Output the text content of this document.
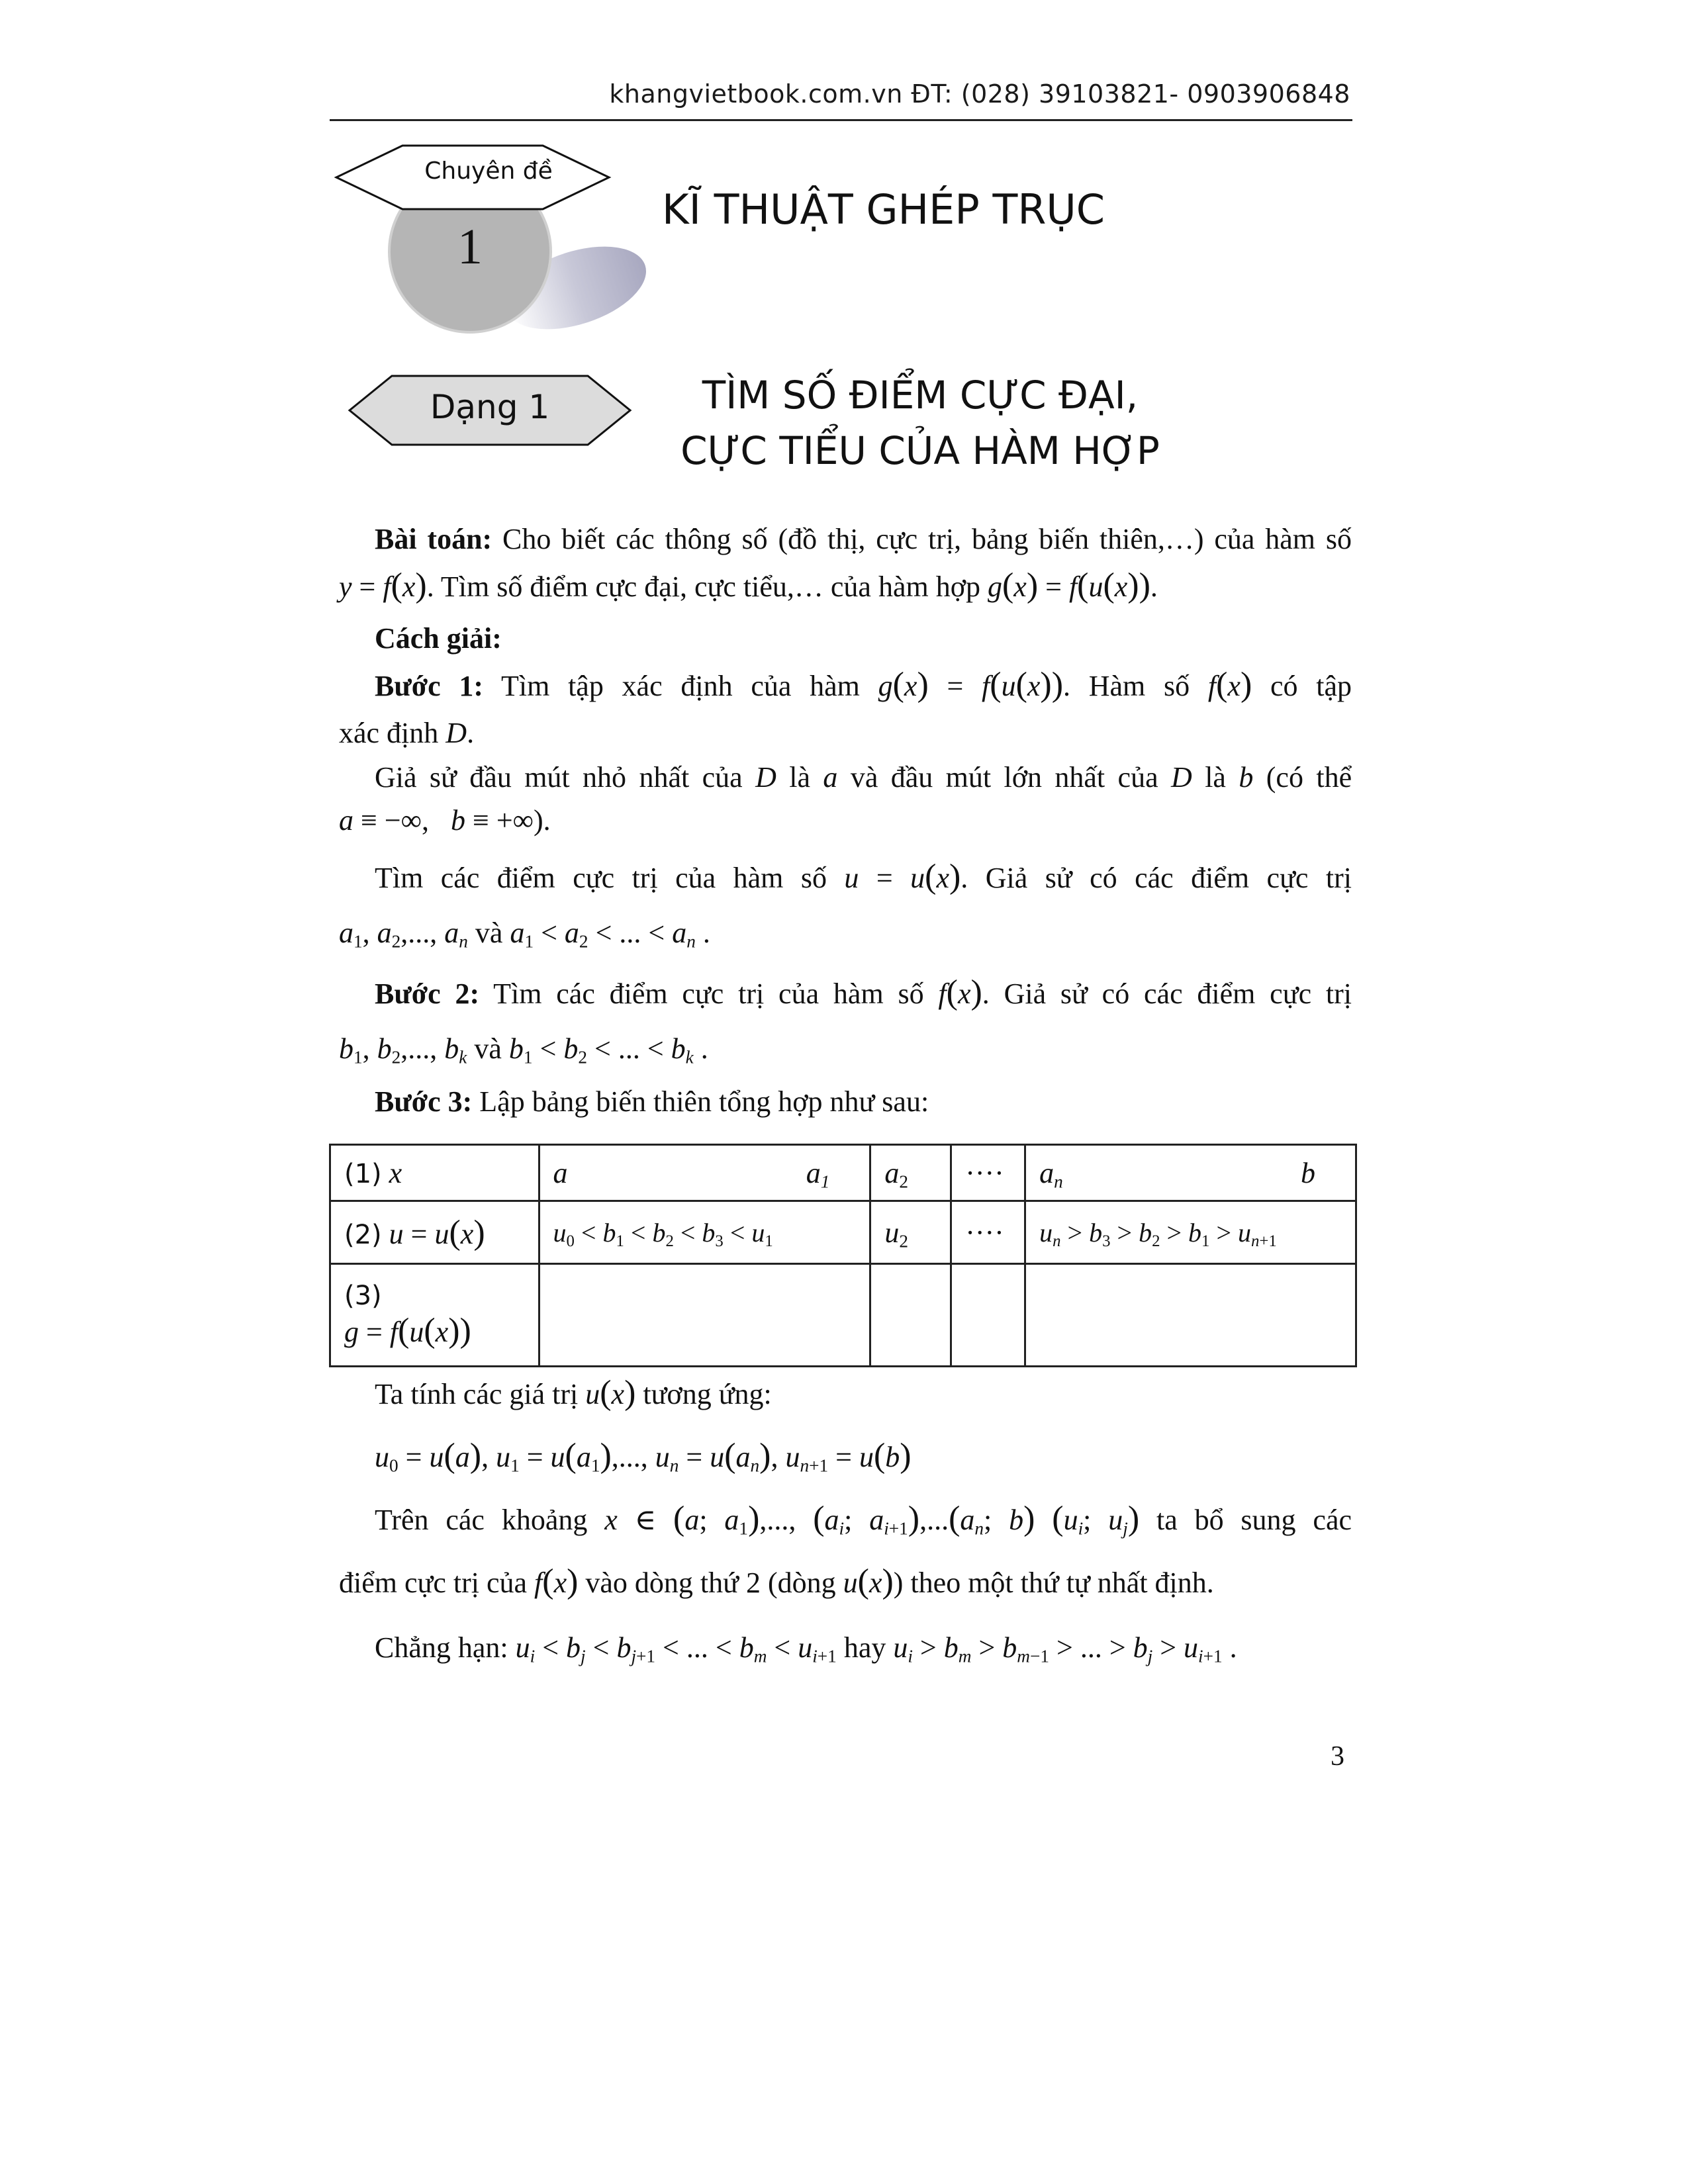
khangvietbook.com.vn ĐT: (028) 39103821- 0903906848
Chuyên đề
1
KĨ THUẬT GHÉP TRỤC
Dạng 1	TÌM SỐ ĐIỂM CỰC ĐẠI,
CỰC TIỂU CỦA HÀM HỢP
Bài toán: Cho biết các thông số (đồ thị, cực trị, bảng biến thiên,…) của hàm số
y = f(x). Tìm số điểm cực đại, cực tiểu,… của hàm hợp g(x) = f(u(x)).
Cách giải:
Bước 1: Tìm tập xác định của hàm g(x) = f(u(x)). Hàm số f(x) có tập
xác định D.
Giả sử đầu mút nhỏ nhất của D là a và đầu mút lớn nhất của D là b (có thể
a ≡ −∞,   b ≡ +∞).
Tìm các điểm cực trị của hàm số u = u(x). Giả sử có các điểm cực trị
$a_1$, $a_2$,..., $a_n$ và $a_1 < a_2$ < ... < $a_n$ .
Bước 2: Tìm các điểm cực trị của hàm số f(x). Giả sử có các điểm cực trị
$b_1$, $b_2$,..., $b_k$ và $b_1 < b_2$ < ... < $b_k$ .
Bước 3: Lập bảng biến thiên tổng hợp như sau:
(1) x	a $a_1$	$a_2$	····	$a_n$ b

(2) u = u(x)	$u_0 < b_1 < b_2 < b_3 < u_1$	$u_2$	····	$u_n > b_3 > b_2 > b_1 > u_{n+1}$

(3)
g = f(u(x))				

Ta tính các giá trị u(x) tương ứng:
$u_0 = u(a)$, $u_1 = u(a_1)$,..., $u_n = u(a_n)$, $u_{n+1} = u(b)$
Trên các khoảng x ∈ (a; $a_1$),..., ($a_i$; $a_{i+1}),...(a_n$; b) ($u_i$; $u_j$) ta bổ sung các
điểm cực trị của f(x) vào dòng thứ 2 (dòng u(x)) theo một thứ tự nhất định.
Chẳng hạn: $u_i < b_j < b_{j+1}$ < ... < $b_m < u_{i+1}$ hay $u_i > b_m > b_{m-1}$ > ... > $b_j > u_{i+1}$ .
3
